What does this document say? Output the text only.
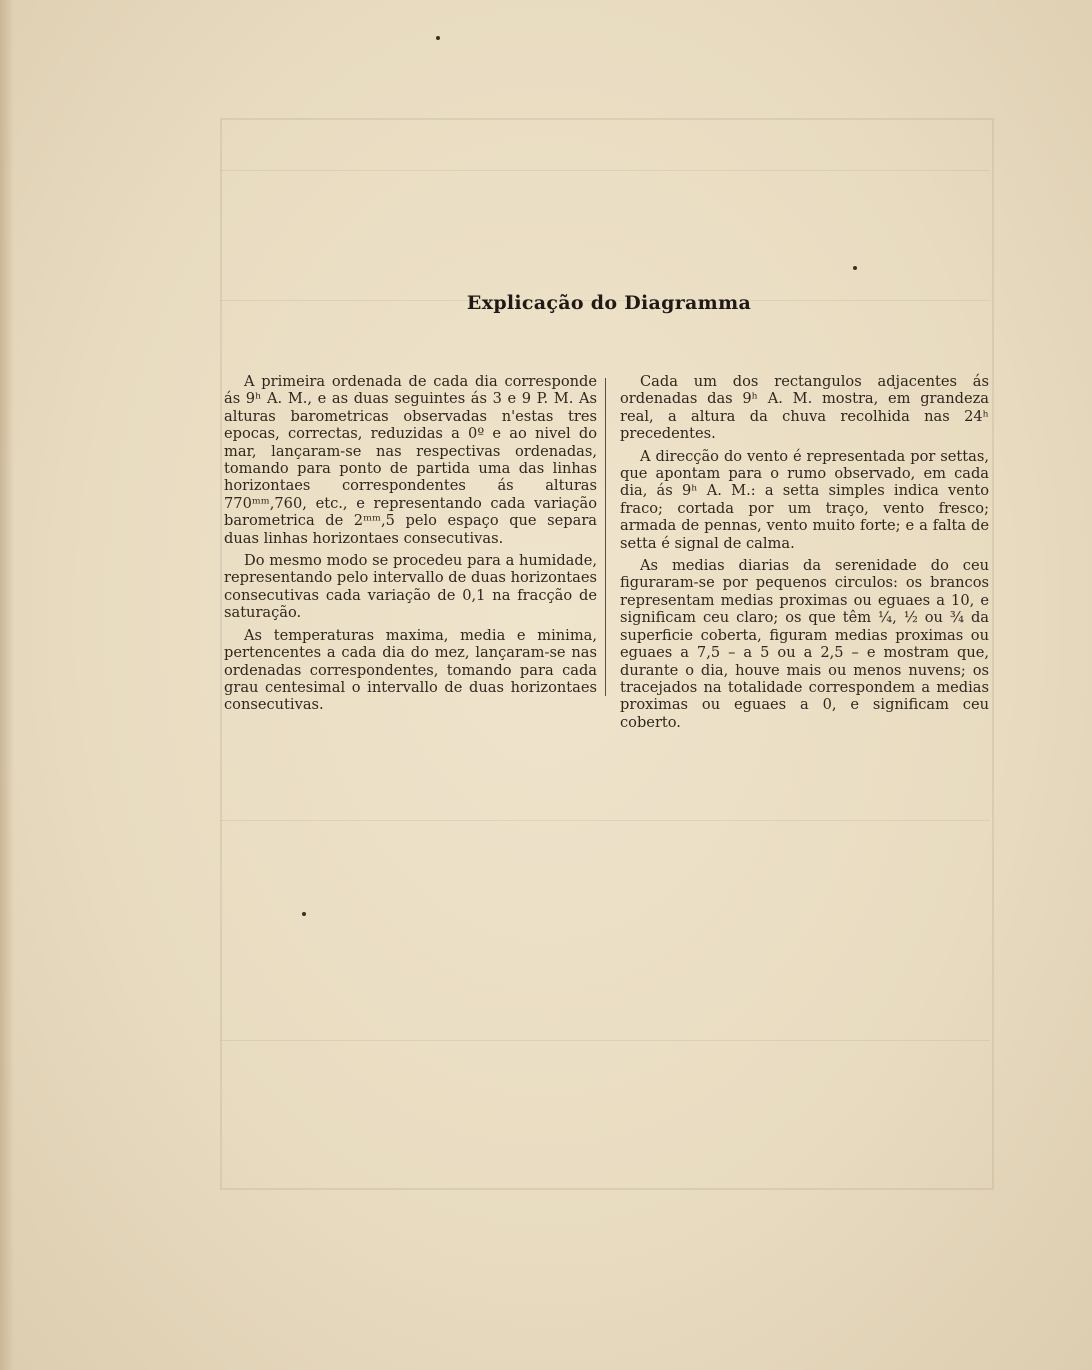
Explicação do Diagramma

A primeira ordenada de cada dia corresponde ás 9ʰ A. M., e as duas seguintes ás 3 e 9 P. M. As alturas barometricas observadas n'estas tres epocas, correctas, reduzidas a 0º e ao nivel do mar, lançaram-se nas respectivas ordenadas, tomando para ponto de partida uma das linhas horizontaes correspondentes ás alturas 770ᵐᵐ,760, etc., e representando cada variação barometrica de 2ᵐᵐ,5 pelo espaço que separa duas linhas horizontaes consecutivas.

Do mesmo modo se procedeu para a humidade, representando pelo intervallo de duas horizontaes consecutivas cada variação de 0,1 na fracção de saturação.

As temperaturas maxima, media e minima, pertencentes a cada dia do mez, lançaram-se nas ordenadas correspondentes, tomando para cada grau centesimal o intervallo de duas horizontaes consecutivas.

Cada um dos rectangulos adjacentes ás ordenadas das 9ʰ A. M. mostra, em grandeza real, a altura da chuva recolhida nas 24ʰ precedentes.

A direcção do vento é representada por settas, que apontam para o rumo observado, em cada dia, ás 9ʰ A. M.: a setta simples indica vento fraco; cortada por um traço, vento fresco; armada de pennas, vento muito forte; e a falta de setta é signal de calma.

As medias diarias da serenidade do ceu figuraram-se por pequenos circulos: os brancos representam medias proximas ou eguaes a 10, e significam ceu claro; os que têm ¼, ½ ou ¾ da superficie coberta, figuram medias proximas ou eguaes a 7,5 – a 5 ou a 2,5 – e mostram que, durante o dia, houve mais ou menos nuvens; os tracejados na totalidade correspondem a medias proximas ou eguaes a 0, e significam ceu coberto.
